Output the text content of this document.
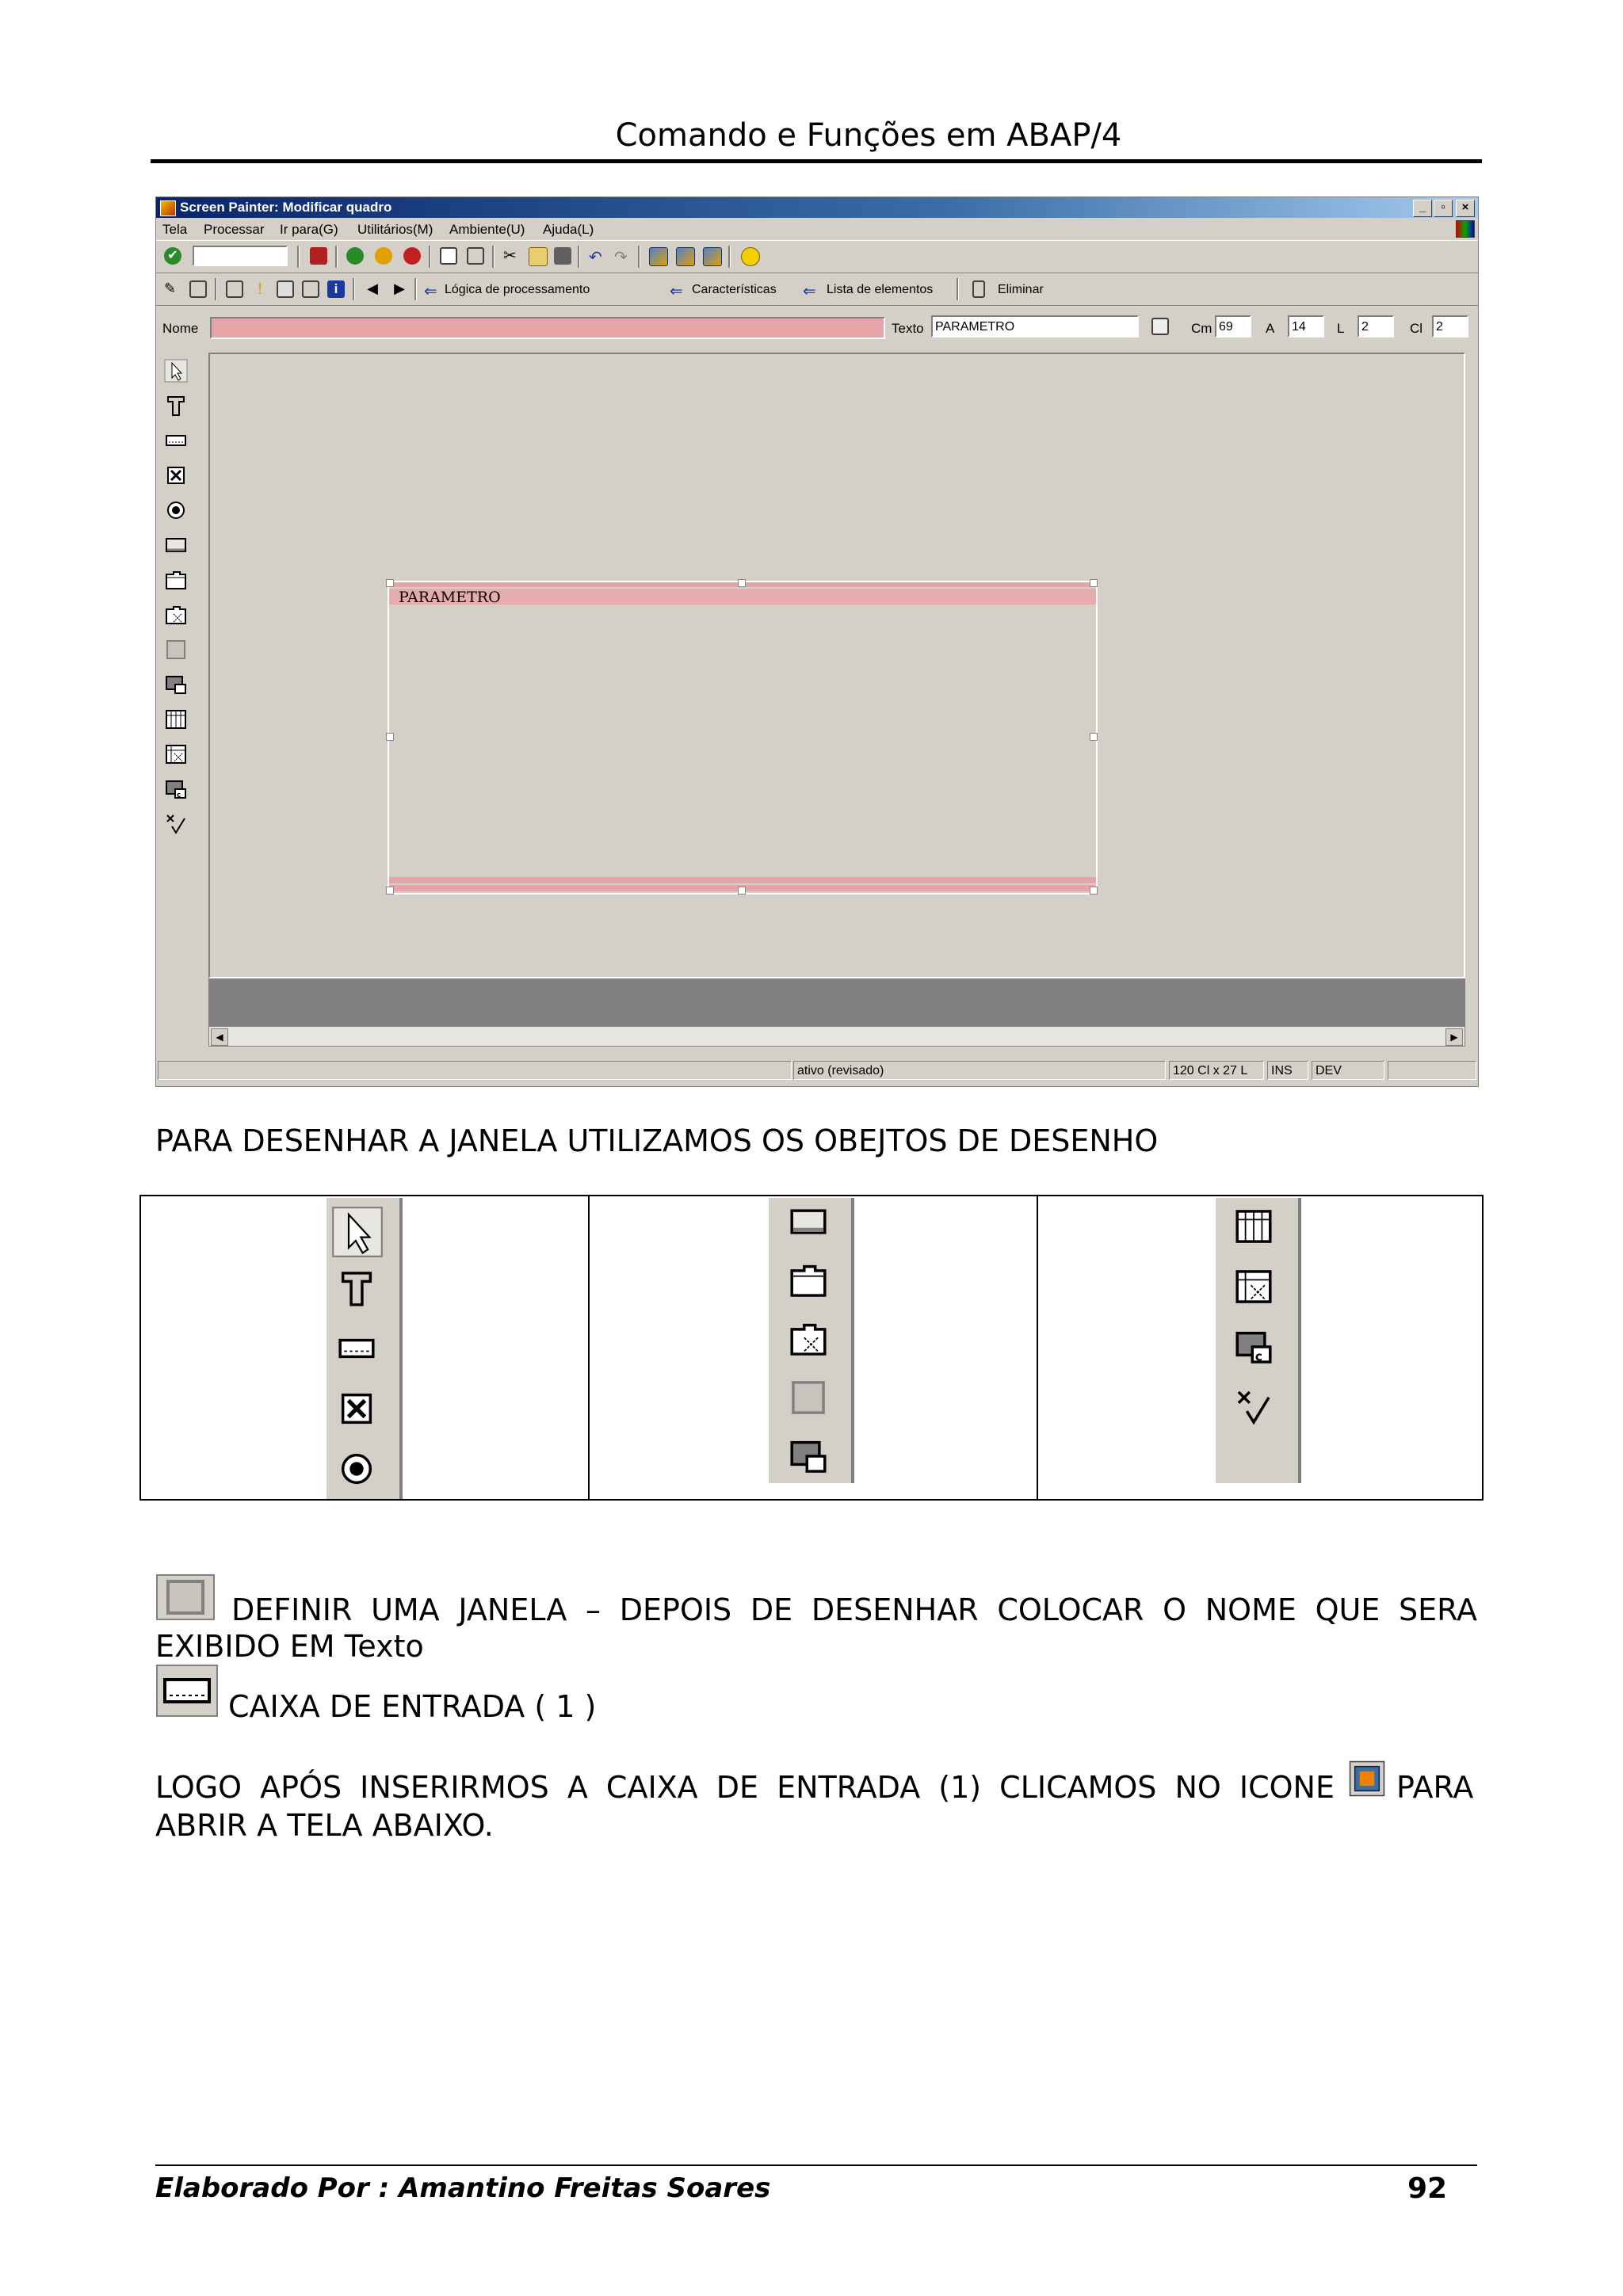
Comando e Funções em ABAP/4
Screen Painter: Modificar quadro	_	▫	×
Tela Processar Ir para(G) Utilitários(M) Ambiente(U) Ajuda(L)
✔	✂	↶ ↷
✎	!	i	◀ ▶ ⇐ Lógica de processamento	⇐ Características ⇐ Lista de elementos	Eliminar
Nome	Texto PARAMETRO	Cm 69	A	14	L	2	Cl	2
c
PARAMETRO
◀	▶
ativo (revisado)	120 Cl x 27 L	INS	DEV
PARA DESENHAR A JANELA UTILIZAMOS OS OBEJTOS DE DESENHO
c
DEFINIR UMA JANELA – DEPOIS DE DESENHAR COLOCAR O NOME QUE SERA
EXIBIDO EM Texto
CAIXA DE ENTRADA ( 1 )
LOGO APÓS INSERIRMOS A CAIXA DE ENTRADA (1) CLICAMOS NO ICONE PARA
ABRIR A TELA ABAIXO.
Elaborado Por : Amantino Freitas Soares	92
